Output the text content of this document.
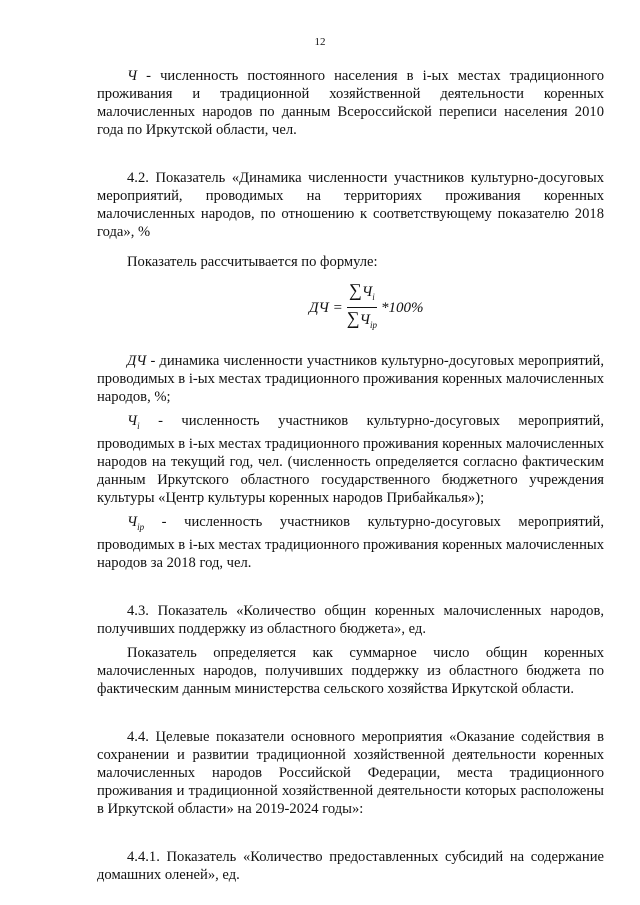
12

Ч - численность постоянного населения в i-ых местах традиционного проживания и традиционной хозяйственной деятельности коренных малочисленных народов по данным Всероссийской переписи населения 2010 года по Иркутской области, чел.

4.2. Показатель «Динамика численности участников культурно-досуговых мероприятий, проводимых на территориях проживания коренных малочисленных народов, по отношению к соответствующему показателю 2018 года», %

Показатель рассчитывается по формуле:

ДЧ = $\frac{\sum Ч_i}{\sum Ч_{ip}} *100\%$

ДЧ - динамика численности участников культурно-досуговых мероприятий, проводимых в i-ых местах традиционного проживания коренных малочисленных народов, %;

$Ч_i$ - численность участников культурно-досуговых мероприятий, проводимых в i-ых местах традиционного проживания коренных малочисленных народов на текущий год, чел. (численность определяется согласно фактическим данным Иркутского областного государственного бюджетного учреждения культуры «Центр культуры коренных народов Прибайкалья»);

$Ч_{ip}$ - численность участников культурно-досуговых мероприятий, проводимых в i-ых местах традиционного проживания коренных малочисленных народов за 2018 год, чел.

4.3. Показатель «Количество общин коренных малочисленных народов, получивших поддержку из областного бюджета», ед.

Показатель определяется как суммарное число общин коренных малочисленных народов, получивших поддержку из областного бюджета по фактическим данным министерства сельского хозяйства Иркутской области.

4.4. Целевые показатели основного мероприятия «Оказание содействия в сохранении и развитии традиционной хозяйственной деятельности коренных малочисленных народов Российской Федерации, места традиционного проживания и традиционной хозяйственной деятельности которых расположены в Иркутской области» на 2019-2024 годы»:

4.4.1. Показатель «Количество предоставленных субсидий на содержание домашних оленей», ед.
